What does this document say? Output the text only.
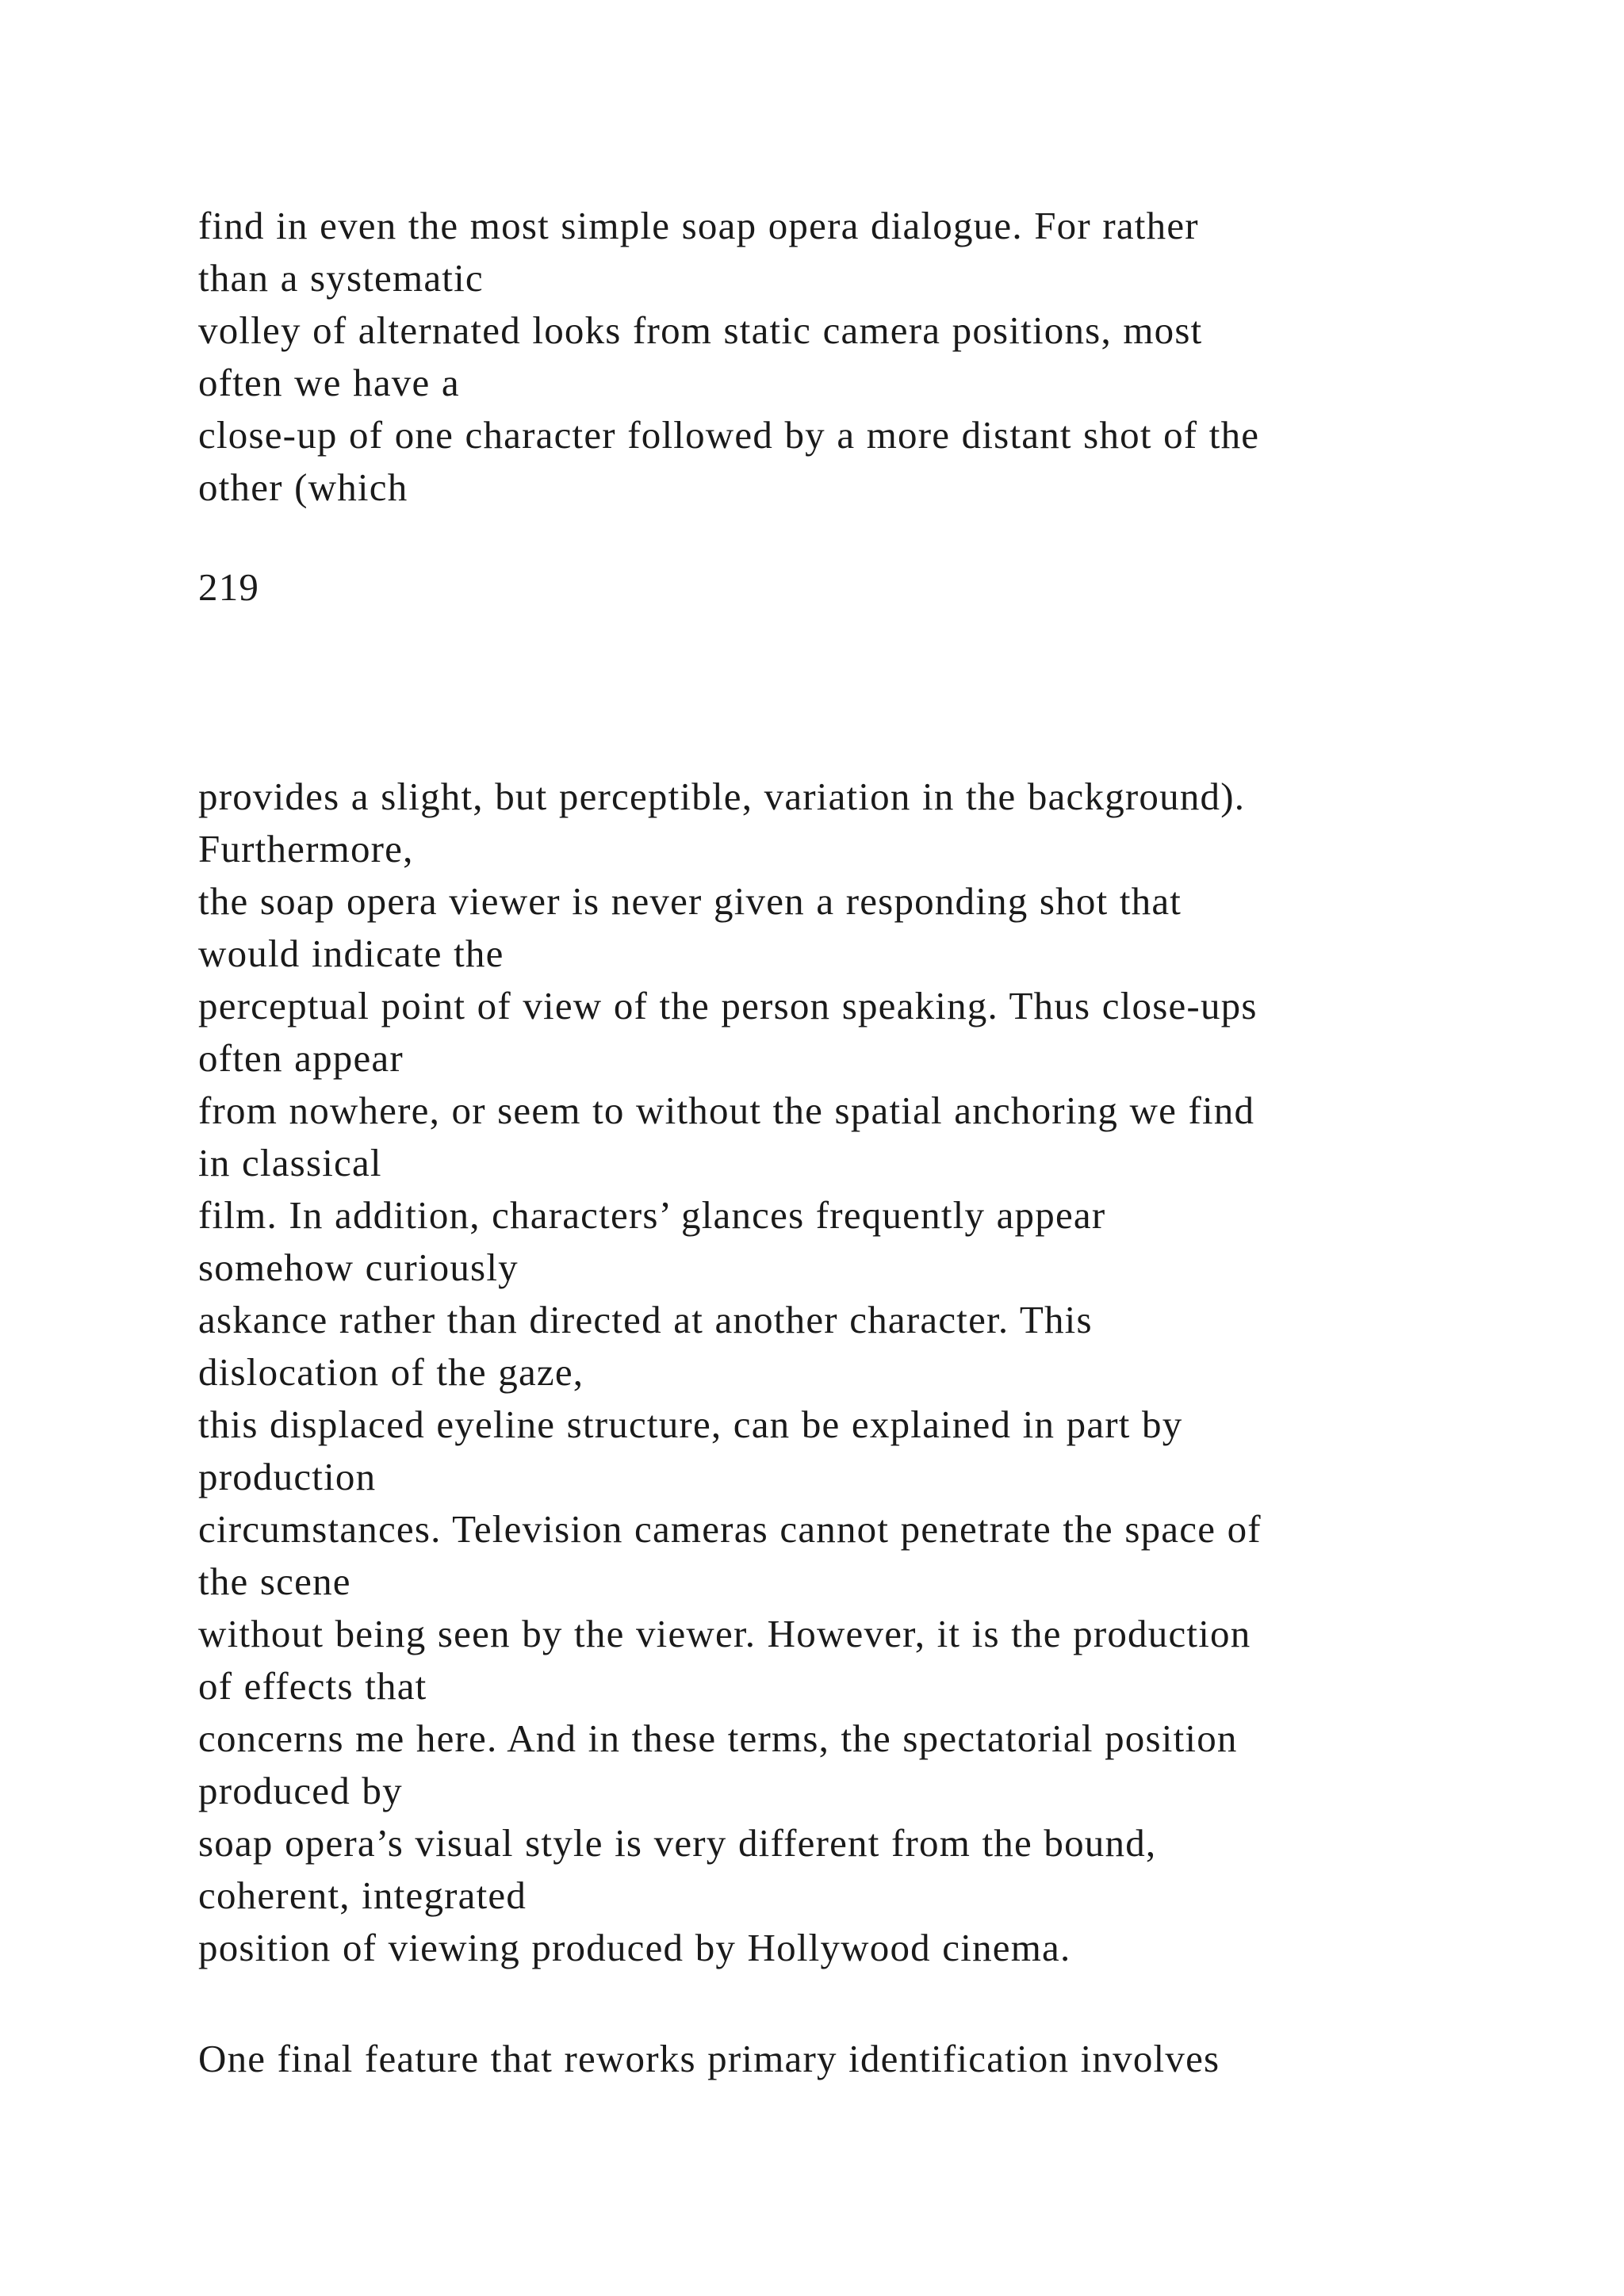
find in even the most simple soap opera dialogue. For rather
than a systematic
volley of alternated looks from static camera positions, most
often we have a
close-up of one character followed by a more distant shot of the
other (which

219

provides a slight, but perceptible, variation in the background).
Furthermore,
the soap opera viewer is never given a responding shot that
would indicate the
perceptual point of view of the person speaking. Thus close-ups
often appear
from nowhere, or seem to without the spatial anchoring we find
in classical
film. In addition, characters’ glances frequently appear
somehow curiously
askance rather than directed at another character. This
dislocation of the gaze,
this displaced eyeline structure, can be explained in part by
production
circumstances. Television cameras cannot penetrate the space of
the scene
without being seen by the viewer. However, it is the production
of effects that
concerns me here. And in these terms, the spectatorial position
produced by
soap opera’s visual style is very different from the bound,
coherent, integrated
position of viewing produced by Hollywood cinema.

One final feature that reworks primary identification involves
